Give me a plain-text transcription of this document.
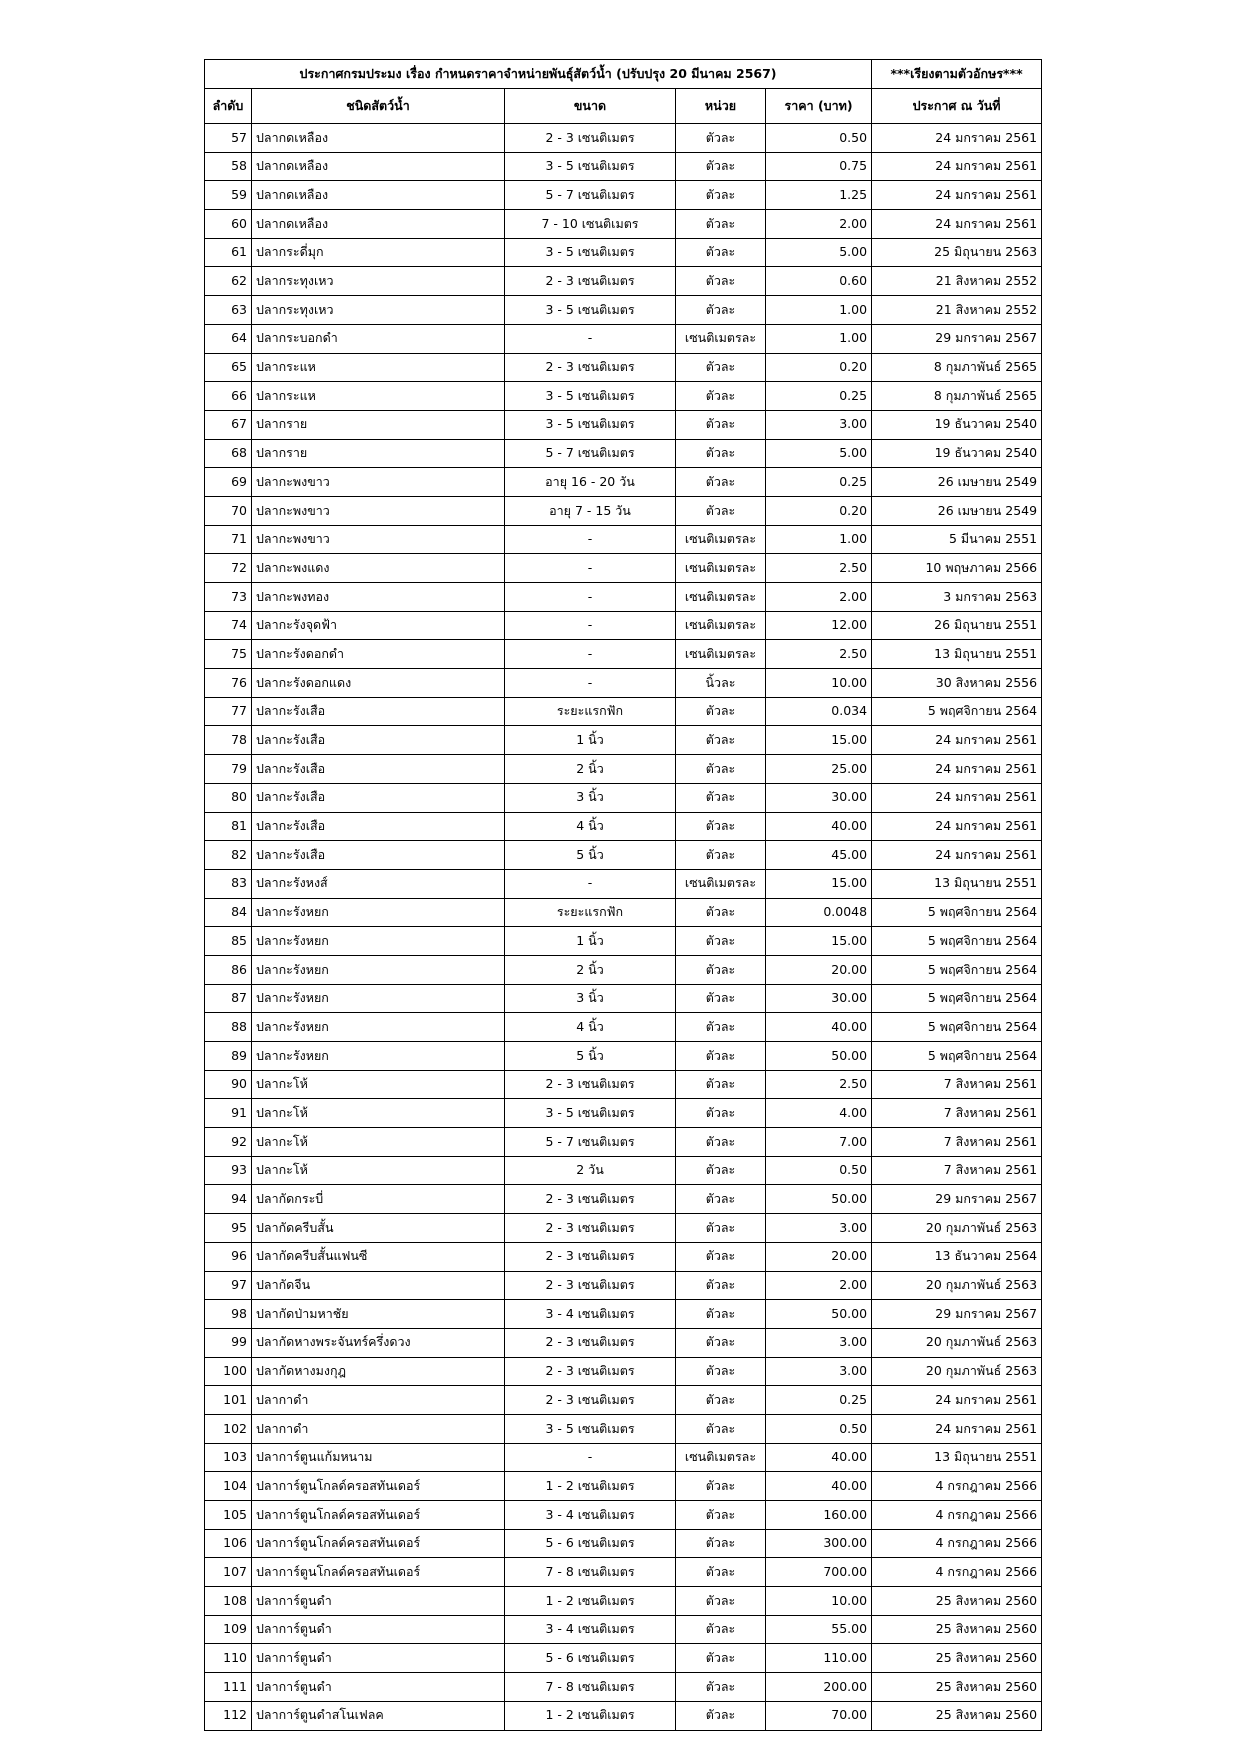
ประกาศกรมประมง เรื่อง กำหนดราคาจำหน่ายพันธุ์สัตว์น้ำ (ปรับปรุง 20 มีนาคม 2567)					***เรียงตามตัวอักษร***
ลำดับ	ชนิดสัตว์น้ำ	ขนาด	หน่วย	ราคา (บาท)	ประกาศ ณ วันที่
57	ปลากดเหลือง	2 - 3 เซนติเมตร	ตัวละ	0.50	24 มกราคม 2561
58	ปลากดเหลือง	3 - 5 เซนติเมตร	ตัวละ	0.75	24 มกราคม 2561
59	ปลากดเหลือง	5 - 7 เซนติเมตร	ตัวละ	1.25	24 มกราคม 2561
60	ปลากดเหลือง	7 - 10 เซนติเมตร	ตัวละ	2.00	24 มกราคม 2561
61	ปลากระดี่มุก	3 - 5 เซนติเมตร	ตัวละ	5.00	25 มิถุนายน 2563
62	ปลากระทุงเหว	2 - 3 เซนติเมตร	ตัวละ	0.60	21 สิงหาคม 2552
63	ปลากระทุงเหว	3 - 5 เซนติเมตร	ตัวละ	1.00	21 สิงหาคม 2552
64	ปลากระบอกดำ	-	เซนติเมตรละ	1.00	29 มกราคม 2567
65	ปลากระแห	2 - 3 เซนติเมตร	ตัวละ	0.20	8 กุมภาพันธ์ 2565
66	ปลากระแห	3 - 5 เซนติเมตร	ตัวละ	0.25	8 กุมภาพันธ์ 2565
67	ปลากราย	3 - 5 เซนติเมตร	ตัวละ	3.00	19 ธันวาคม 2540
68	ปลากราย	5 - 7 เซนติเมตร	ตัวละ	5.00	19 ธันวาคม 2540
69	ปลากะพงขาว	อายุ 16 - 20 วัน	ตัวละ	0.25	26 เมษายน 2549
70	ปลากะพงขาว	อายุ 7 - 15 วัน	ตัวละ	0.20	26 เมษายน 2549
71	ปลากะพงขาว	-	เซนติเมตรละ	1.00	5 มีนาคม 2551
72	ปลากะพงแดง	-	เซนติเมตรละ	2.50	10 พฤษภาคม 2566
73	ปลากะพงทอง	-	เซนติเมตรละ	2.00	3 มกราคม 2563
74	ปลากะรังจุดฟ้า	-	เซนติเมตรละ	12.00	26 มิถุนายน 2551
75	ปลากะรังดอกดำ	-	เซนติเมตรละ	2.50	13 มิถุนายน 2551
76	ปลากะรังดอกแดง	-	นิ้วละ	10.00	30 สิงหาคม 2556
77	ปลากะรังเสือ	ระยะแรกฟัก	ตัวละ	0.034	5 พฤศจิกายน 2564
78	ปลากะรังเสือ	1 นิ้ว	ตัวละ	15.00	24 มกราคม 2561
79	ปลากะรังเสือ	2 นิ้ว	ตัวละ	25.00	24 มกราคม 2561
80	ปลากะรังเสือ	3 นิ้ว	ตัวละ	30.00	24 มกราคม 2561
81	ปลากะรังเสือ	4 นิ้ว	ตัวละ	40.00	24 มกราคม 2561
82	ปลากะรังเสือ	5 นิ้ว	ตัวละ	45.00	24 มกราคม 2561
83	ปลากะรังหงส์	-	เซนติเมตรละ	15.00	13 มิถุนายน 2551
84	ปลากะรังหยก	ระยะแรกฟัก	ตัวละ	0.0048	5 พฤศจิกายน 2564
85	ปลากะรังหยก	1 นิ้ว	ตัวละ	15.00	5 พฤศจิกายน 2564
86	ปลากะรังหยก	2 นิ้ว	ตัวละ	20.00	5 พฤศจิกายน 2564
87	ปลากะรังหยก	3 นิ้ว	ตัวละ	30.00	5 พฤศจิกายน 2564
88	ปลากะรังหยก	4 นิ้ว	ตัวละ	40.00	5 พฤศจิกายน 2564
89	ปลากะรังหยก	5 นิ้ว	ตัวละ	50.00	5 พฤศจิกายน 2564
90	ปลากะโห้	2 - 3 เซนติเมตร	ตัวละ	2.50	7 สิงหาคม 2561
91	ปลากะโห้	3 - 5 เซนติเมตร	ตัวละ	4.00	7 สิงหาคม 2561
92	ปลากะโห้	5 - 7 เซนติเมตร	ตัวละ	7.00	7 สิงหาคม 2561
93	ปลากะโห้	2 วัน	ตัวละ	0.50	7 สิงหาคม 2561
94	ปลากัดกระบี่	2 - 3 เซนติเมตร	ตัวละ	50.00	29 มกราคม 2567
95	ปลากัดครีบสั้น	2 - 3 เซนติเมตร	ตัวละ	3.00	20 กุมภาพันธ์ 2563
96	ปลากัดครีบสั้นแฟนซี	2 - 3 เซนติเมตร	ตัวละ	20.00	13 ธันวาคม 2564
97	ปลากัดจีน	2 - 3 เซนติเมตร	ตัวละ	2.00	20 กุมภาพันธ์ 2563
98	ปลากัดป่ามหาชัย	3 - 4 เซนติเมตร	ตัวละ	50.00	29 มกราคม 2567
99	ปลากัดหางพระจันทร์ครึ่งดวง	2 - 3 เซนติเมตร	ตัวละ	3.00	20 กุมภาพันธ์ 2563
100	ปลากัดหางมงกุฎ	2 - 3 เซนติเมตร	ตัวละ	3.00	20 กุมภาพันธ์ 2563
101	ปลากาดำ	2 - 3 เซนติเมตร	ตัวละ	0.25	24 มกราคม 2561
102	ปลากาดำ	3 - 5 เซนติเมตร	ตัวละ	0.50	24 มกราคม 2561
103	ปลาการ์ตูนแก้มหนาม	-	เซนติเมตรละ	40.00	13 มิถุนายน 2551
104	ปลาการ์ตูนโกลด์ครอสทันเดอร์	1 - 2 เซนติเมตร	ตัวละ	40.00	4 กรกฎาคม 2566
105	ปลาการ์ตูนโกลด์ครอสทันเดอร์	3 - 4 เซนติเมตร	ตัวละ	160.00	4 กรกฎาคม 2566
106	ปลาการ์ตูนโกลด์ครอสทันเดอร์	5 - 6 เซนติเมตร	ตัวละ	300.00	4 กรกฎาคม 2566
107	ปลาการ์ตูนโกลด์ครอสทันเดอร์	7 - 8 เซนติเมตร	ตัวละ	700.00	4 กรกฎาคม 2566
108	ปลาการ์ตูนดำ	1 - 2 เซนติเมตร	ตัวละ	10.00	25 สิงหาคม 2560
109	ปลาการ์ตูนดำ	3 - 4 เซนติเมตร	ตัวละ	55.00	25 สิงหาคม 2560
110	ปลาการ์ตูนดำ	5 - 6 เซนติเมตร	ตัวละ	110.00	25 สิงหาคม 2560
111	ปลาการ์ตูนดำ	7 - 8 เซนติเมตร	ตัวละ	200.00	25 สิงหาคม 2560
112	ปลาการ์ตูนดำสโนเฟลค	1 - 2 เซนติเมตร	ตัวละ	70.00	25 สิงหาคม 2560
